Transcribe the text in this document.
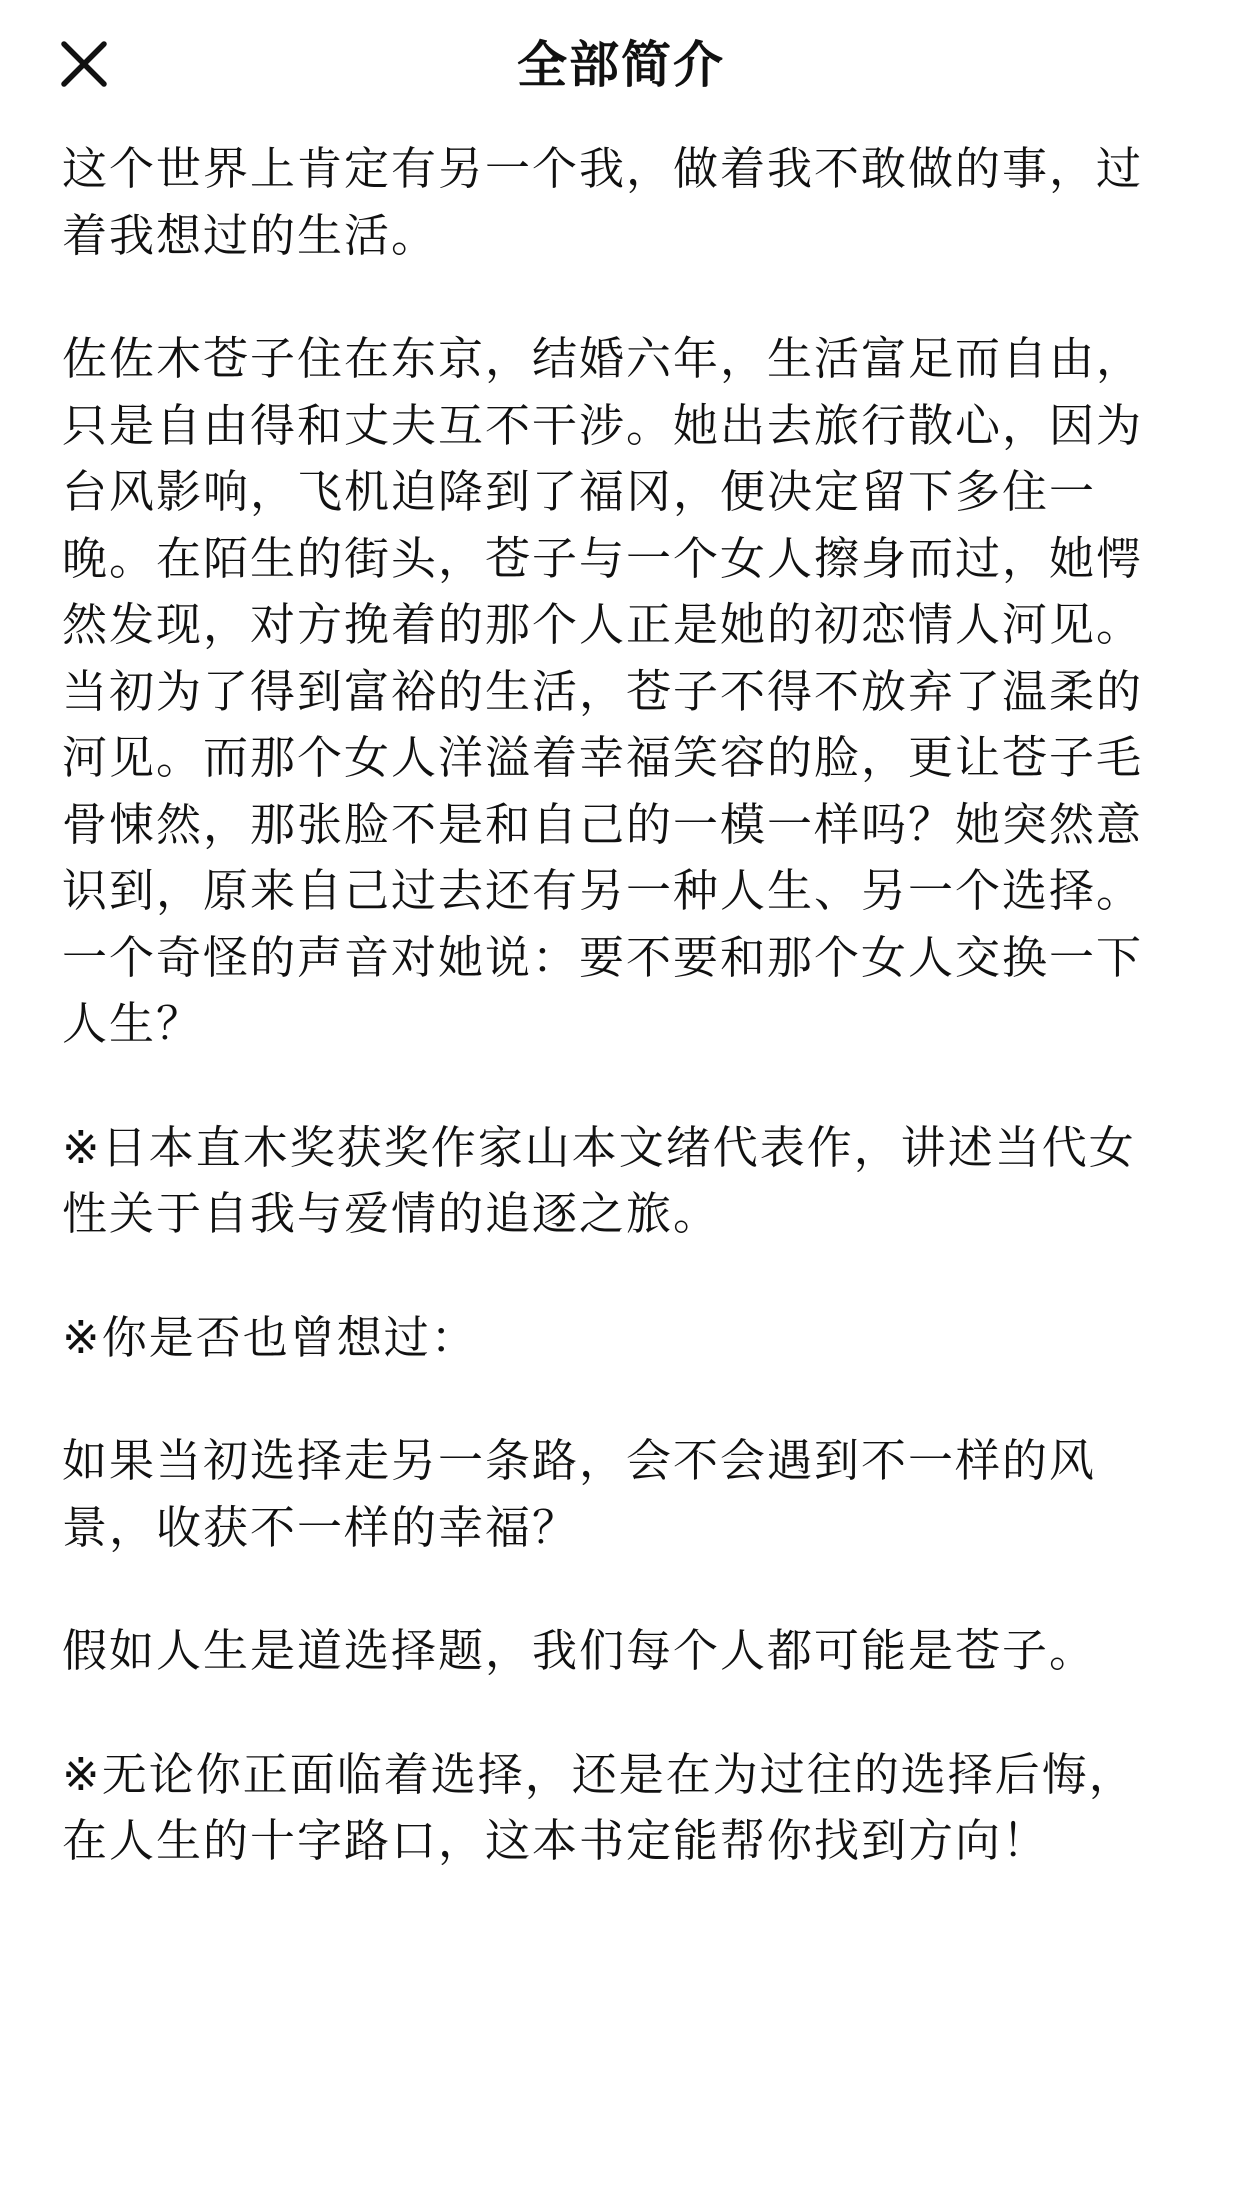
全部简介

这个世界上肯定有另一个我，做着我不敢做的事，过着我想过的生活。

佐佐木苍子住在东京，结婚六年，生活富足而自由，只是自由得和丈夫互不干涉。她出去旅行散心，因为台风影响，飞机迫降到了福冈，便决定留下多住一晚。在陌生的街头，苍子与一个女人擦身而过，她愕然发现，对方挽着的那个人正是她的初恋情人河见。当初为了得到富裕的生活，苍子不得不放弃了温柔的河见。而那个女人洋溢着幸福笑容的脸，更让苍子毛骨悚然，那张脸不是和自己的一模一样吗？她突然意识到，原来自己过去还有另一种人生、另一个选择。一个奇怪的声音对她说：要不要和那个女人交换一下人生？

※日本直木奖获奖作家山本文绪代表作，讲述当代女性关于自我与爱情的追逐之旅。

※你是否也曾想过：

如果当初选择走另一条路，会不会遇到不一样的风景，收获不一样的幸福？

假如人生是道选择题，我们每个人都可能是苍子。

※无论你正面临着选择，还是在为过往的选择后悔，在人生的十字路口，这本书定能帮你找到方向！
